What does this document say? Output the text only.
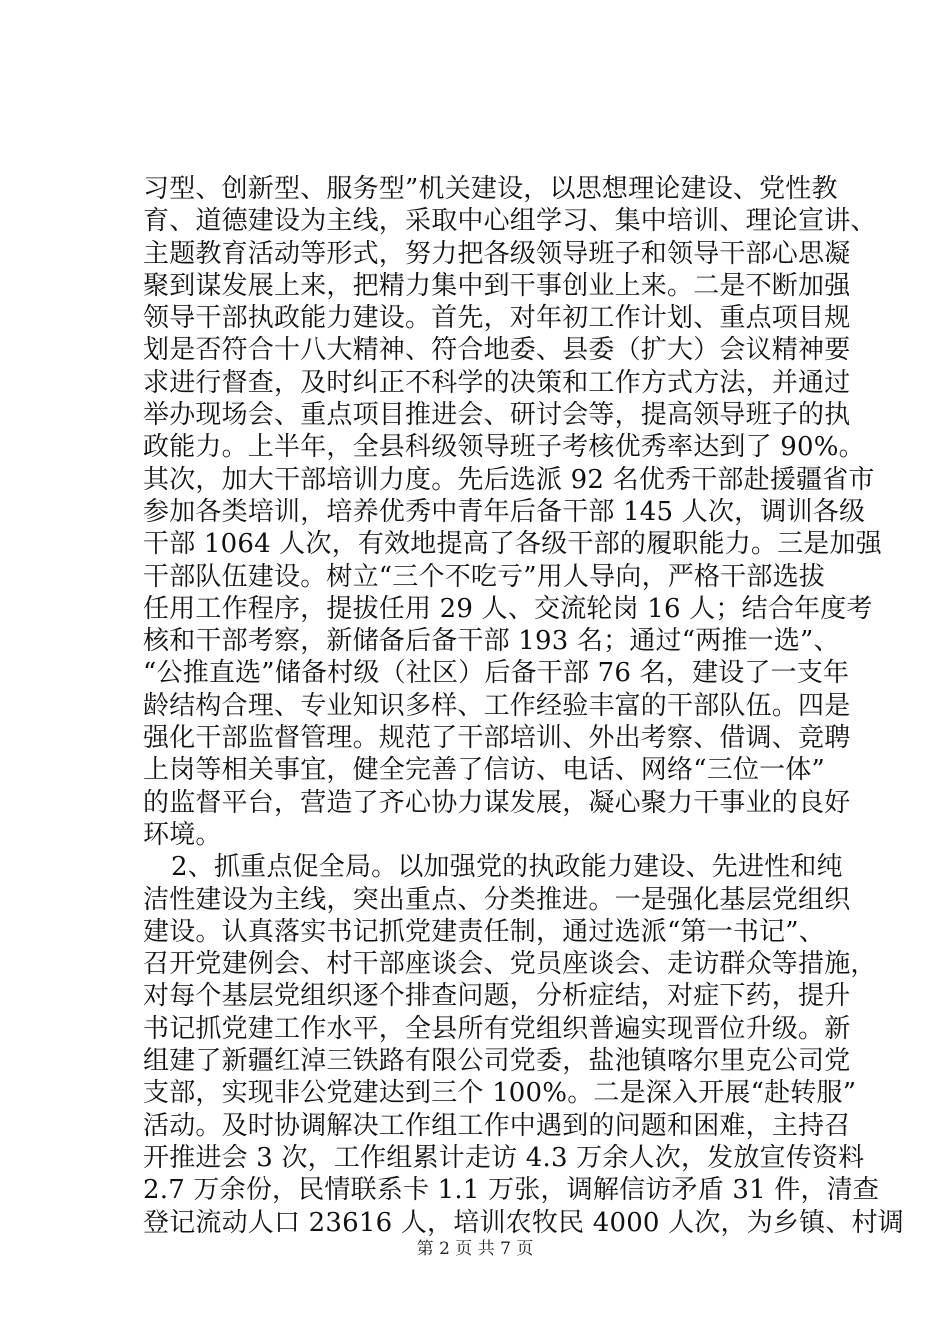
习型、创新型、服务型”机关建设，以思想理论建设、党性教
育、道德建设为主线，采取中心组学习、集中培训、理论宣讲、
主题教育活动等形式，努力把各级领导班子和领导干部心思凝
聚到谋发展上来，把精力集中到干事创业上来。二是不断加强
领导干部执政能力建设。首先，对年初工作计划、重点项目规
划是否符合十八大精神、符合地委、县委（扩大）会议精神要
求进行督查，及时纠正不科学的决策和工作方式方法，并通过
举办现场会、重点项目推进会、研讨会等，提高领导班子的执
政能力。上半年，全县科级领导班子考核优秀率达到了 90%。
其次，加大干部培训力度。先后选派 92 名优秀干部赴援疆省市
参加各类培训，培养优秀中青年后备干部 145 人次，调训各级
干部 1064 人次，有效地提高了各级干部的履职能力。三是加强
干部队伍建设。树立“三个不吃亏”用人导向，严格干部选拔
任用工作程序，提拔任用 29 人、交流轮岗 16 人；结合年度考
核和干部考察，新储备后备干部 193 名；通过“两推一选”、
“公推直选”储备村级（社区）后备干部 76 名，建设了一支年
龄结构合理、专业知识多样、工作经验丰富的干部队伍。四是
强化干部监督管理。规范了干部培训、外出考察、借调、竞聘
上岗等相关事宜，健全完善了信访、电话、网络“三位一体”
的监督平台，营造了齐心协力谋发展，凝心聚力干事业的良好
环境。
2、抓重点促全局。以加强党的执政能力建设、先进性和纯
洁性建设为主线，突出重点、分类推进。一是强化基层党组织
建设。认真落实书记抓党建责任制，通过选派“第一书记”、
召开党建例会、村干部座谈会、党员座谈会、走访群众等措施，
对每个基层党组织逐个排查问题，分析症结，对症下药，提升
书记抓党建工作水平，全县所有党组织普遍实现晋位升级。新
组建了新疆红淖三铁路有限公司党委，盐池镇喀尔里克公司党
支部，实现非公党建达到三个 100%。二是深入开展“赴转服”
活动。及时协调解决工作组工作中遇到的问题和困难，主持召
开推进会 3 次，工作组累计走访 4.3 万余人次，发放宣传资料
2.7 万余份，民情联系卡 1.1 万张，调解信访矛盾 31 件，清查
登记流动人口 23616 人，培训农牧民 4000 人次，为乡镇、村调
第 2 页 共 7 页
